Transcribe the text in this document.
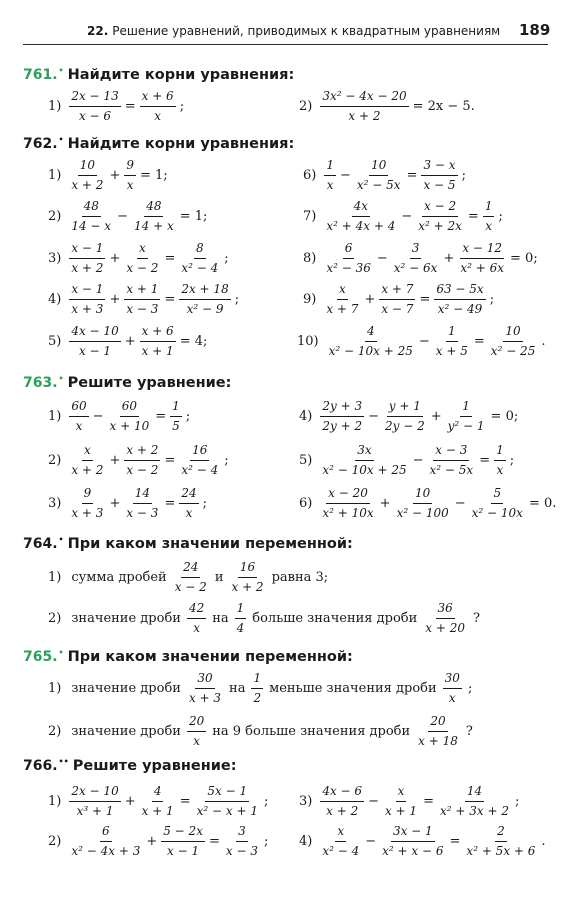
22. Решение уравнений, приводимых к квадратным уравнениям 189
761.• Найдите корни уравнения:
$1) \frac{2x - 13}{x - 6} = \frac{x + 6}{x}$ ;	$2) \frac{\text{3x² − 4x − 20}}{x + 2} = 2x - 5$.
762.• Найдите корни уравнения:
$1) \frac{10}{x + 2} + \frac{9}{x} = 1$;
$2) \frac{48}{14 - x} - \frac{48}{14 + x} = 1$;
$3) \frac{x - 1}{x + 2} + \frac{x}{x - 2} = \frac{8}{\text{x² − 4}}$ ;
$4) \frac{x - 1}{x + 3} + \frac{x + 1}{x - 3} = \frac{2x + 18}{\text{x² − 9}}$ ;
$5) \frac{4x - 10}{x - 1} + \frac{x + 6}{x + 1} = 4$;
$6) \frac{1}{x} - \frac{10}{\text{x² − 5x}} = \frac{3 - x}{x - 5}$ ;
$7) \frac{4x}{\text{x² + 4x + 4}} - \frac{x - 2}{\text{x² + 2x}} = \frac{1}{x}$ ;
$8) \frac{6}{\text{x² − 36}} - \frac{3}{\text{x² − 6x}} + \frac{x - 12}{\text{x² + 6x}} = 0$;
$9) \frac{x}{x + 7} + \frac{x + 7}{x - 7} = \frac{63 - 5x}{\text{x² − 49}}$ ;
$10) \frac{4}{\text{x² − 10x + 25}} - \frac{1}{x + 5} = \frac{10}{\text{x² − 25}}$ .
763.• Решите уравнение:
$1) \frac{60}{x} - \frac{60}{x + 10} = \frac{1}{5}$ ;
$2) \frac{x}{x + 2} + \frac{x + 2}{x - 2} = \frac{16}{\text{x² − 4}}$ ;
$3) \frac{9}{x + 3} + \frac{14}{x - 3} = \frac{24}{x}$ ;
$4) \frac{2y + 3}{2y + 2} - \frac{y + 1}{2y - 2} + \frac{1}{\text{y² − 1}} = 0$;
$5) \frac{3x}{\text{x² − 10x + 25}} - \frac{x - 3}{\text{x² − 5x}} = \frac{1}{x}$ ;
$6) \frac{x - 20}{\text{x² + 10x}} + \frac{10}{\text{x² − 100}} - \frac{5}{\text{x² − 10x}} = 0$.
764.• При каком значении переменной:
1) сумма дробей $\frac{24}{x - 2}$ и $\frac{16}{x + 2}$ равна 3;
2) значение дроби $\frac{42}{x}$ на $\frac{1}{4}$ больше значения дроби $\frac{36}{x + 20}$ ?
765.• При каком значении переменной:
1) значение дроби $\frac{30}{x + 3}$ на $\frac{1}{2}$ меньше значения дроби $\frac{30}{x}$ ;
2) значение дроби $\frac{20}{x}$ на 9 больше значения дроби $\frac{20}{x + 18}$ ?
766.•• Решите уравнение:
$1) \frac{2x - 10}{\text{x³ + 1}} + \frac{4}{x + 1} = \frac{5x - 1}{\text{x² − x + 1}}$ ;
$2) \frac{6}{\text{x² − 4x + 3}} + \frac{5 - 2x}{x - 1} = \frac{3}{x - 3}$ ;
$3) \frac{4x - 6}{x + 2} - \frac{x}{x + 1} = \frac{14}{\text{x² + 3x + 2}}$ ;
$4) \frac{x}{\text{x² − 4}} - \frac{3x - 1}{\text{x² + x − 6}} = \frac{2}{\text{x² + 5x + 6}}$ .
